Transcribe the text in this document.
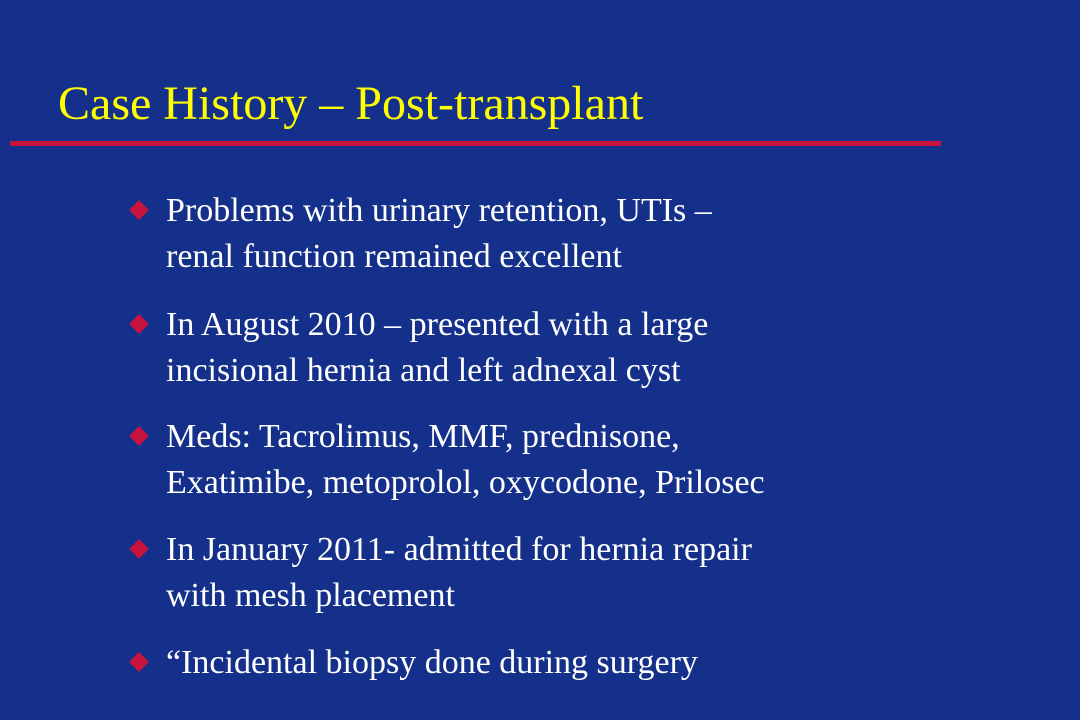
Case History – Post-transplant
Problems with urinary retention, UTIs –
renal function remained excellent
In August 2010 – presented with a large
incisional hernia and left adnexal cyst
Meds: Tacrolimus, MMF, prednisone,
Exatimibe, metoprolol, oxycodone, Prilosec
In January 2011- admitted for hernia repair
with mesh placement
“Incidental biopsy done during surgery
